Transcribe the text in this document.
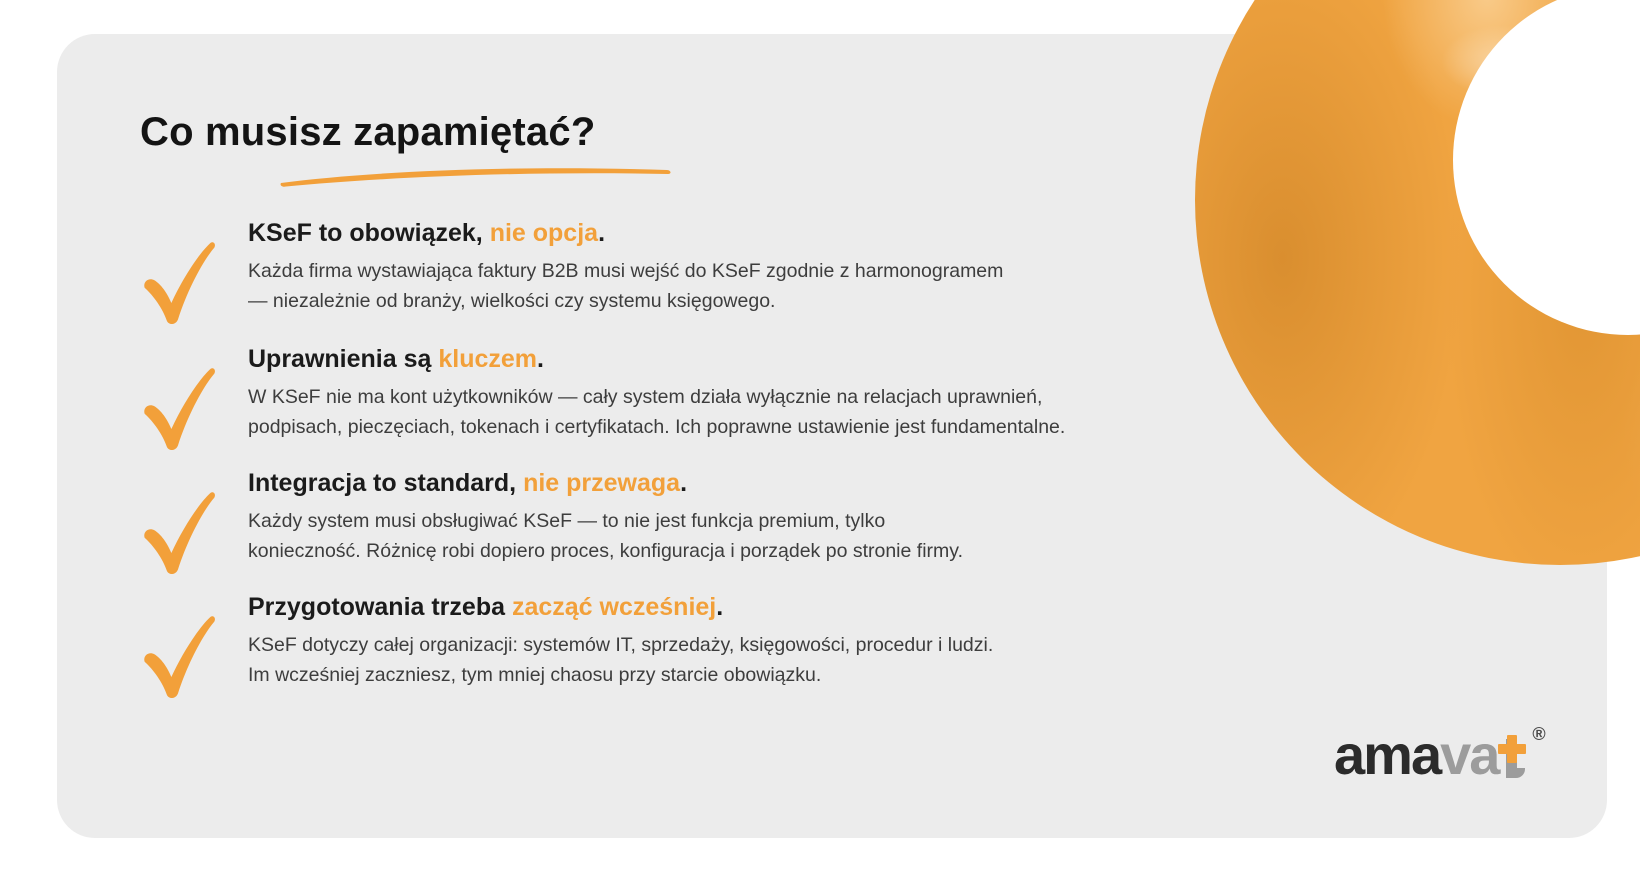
Co musisz zapamiętać?
KSeF to obowiązek, nie opcja.
Każda firma wystawiająca faktury B2B musi wejść do KSeF zgodnie z harmonogramem
— niezależnie od branży, wielkości czy systemu księgowego.
Uprawnienia są kluczem.
W KSeF nie ma kont użytkowników — cały system działa wyłącznie na relacjach uprawnień,
podpisach, pieczęciach, tokenach i certyfikatach. Ich poprawne ustawienie jest fundamentalne.
Integracja to standard, nie przewaga.
Każdy system musi obsługiwać KSeF — to nie jest funkcja premium, tylko
konieczność. Różnicę robi dopiero proces, konfiguracja i porządek po stronie firmy.
Przygotowania trzeba zacząć wcześniej.
KSeF dotyczy całej organizacji: systemów IT, sprzedaży, księgowości, procedur i ludzi.
Im wcześniej zaczniesz, tym mniej chaosu przy starcie obowiązku.
amava ®
